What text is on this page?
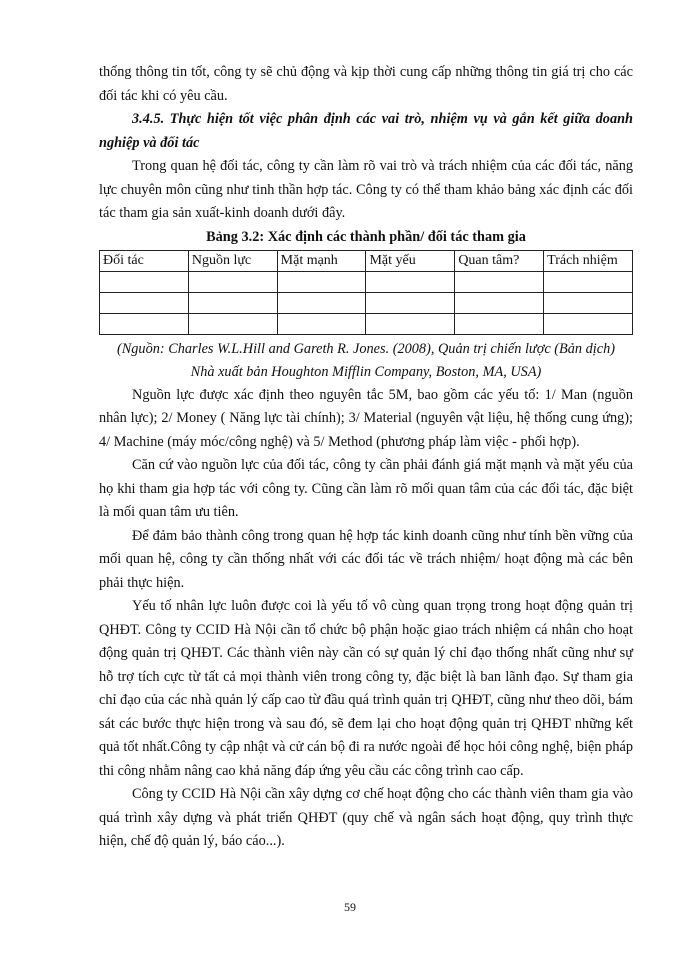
thống thông tin tốt, công ty sẽ chủ động và kịp thời cung cấp những thông tin giá trị cho các đối tác khi có yêu cầu.

3.4.5. Thực hiện tốt việc phân định các vai trò, nhiệm vụ và gắn kết giữa doanh nghiệp và đối tác

Trong quan hệ đối tác, công ty cần làm rõ vai trò và trách nhiệm của các đối tác, năng lực chuyên môn cũng như tinh thần hợp tác. Công ty có thể tham khảo bảng xác định các đối tác tham gia sản xuất-kinh doanh dưới đây.

Bảng 3.2: Xác định các thành phần/ đối tác tham gia

Đối tác	Nguồn lực	Mặt mạnh	Mặt yếu	Quan tâm?	Trách nhiệm

(Nguồn: Charles W.L.Hill and Gareth R. Jones. (2008), Quản trị chiến lược (Bản dịch)
Nhà xuất bản Houghton Mifflin Company, Boston, MA, USA)

Nguồn lực được xác định theo nguyên tắc 5M, bao gồm các yếu tố: 1/ Man (nguồn nhân lực); 2/ Money ( Năng lực tài chính); 3/ Material (nguyên vật liệu, hệ thống cung ứng); 4/ Machine (máy móc/công nghệ) và 5/ Method (phương pháp làm việc - phối hợp).

Căn cứ vào nguồn lực của đối tác, công ty cần phải đánh giá mặt mạnh và mặt yếu của họ khi tham gia hợp tác với công ty. Cũng cần làm rõ mối quan tâm của các đối tác, đặc biệt là mối quan tâm ưu tiên.

Để đảm bảo thành công trong quan hệ hợp tác kinh doanh cũng như tính bền vững của mối quan hệ, công ty cần thống nhất với các đối tác về trách nhiệm/ hoạt động mà các bên phải thực hiện.

Yếu tố nhân lực luôn được coi là yếu tố vô cùng quan trọng trong hoạt động quản trị QHĐT. Công ty CCID Hà Nội cần tổ chức bộ phận hoặc giao trách nhiệm cá nhân cho hoạt động quản trị QHĐT. Các thành viên này cần có sự quản lý chỉ đạo thống nhất cũng như sự hỗ trợ tích cực từ tất cả mọi thành viên trong công ty, đặc biệt là ban lãnh đạo. Sự tham gia chỉ đạo của các nhà quản lý cấp cao từ đầu quá trình quản trị QHĐT, cũng như theo dõi, bám sát các bước thực hiện trong và sau đó, sẽ đem lại cho hoạt động quản trị QHĐT những kết quả tốt nhất.Công ty cập nhật và cử cán bộ đi ra nước ngoài để học hỏi công nghệ, biện pháp thi công nhằm nâng cao khả năng đáp ứng yêu cầu các công trình cao cấp.

Công ty CCID Hà Nội cần xây dựng cơ chế hoạt động cho các thành viên tham gia vào quá trình xây dựng và phát triển QHĐT (quy chế và ngân sách hoạt động, quy trình thực hiện, chế độ quản lý, báo cáo...).

59
